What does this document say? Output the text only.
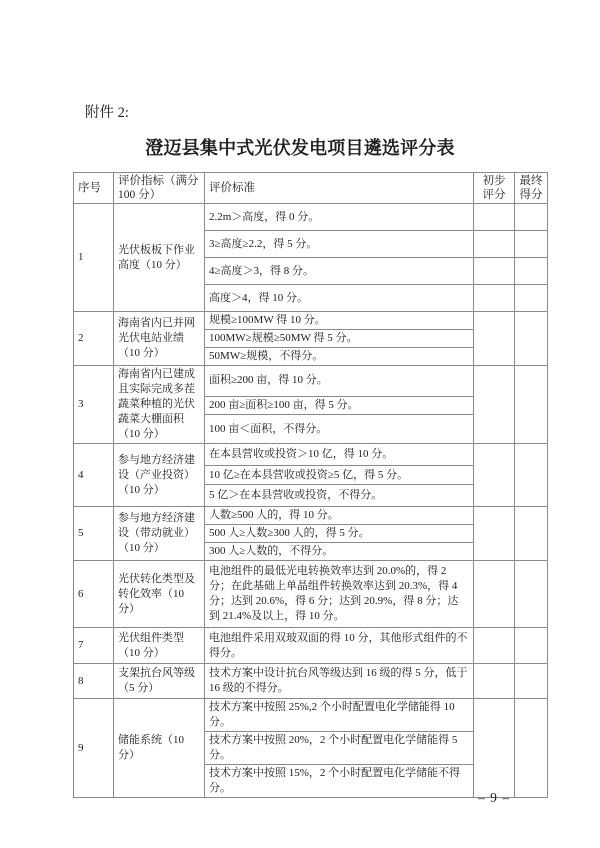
附件 2:
澄迈县集中式光伏发电项目遴选评分表
序号	评价指标（满分 100 分）	评价标准	初步评分	最终得分
1	光伏板板下作业高度（10 分）	2.2m＞高度，得 0 分。		
		3≥高度≥2.2，得 5 分。		
		4≥高度＞3，得 8 分。		
		高度＞4，得 10 分。		
2	海南省内已并网光伏电站业绩（10 分）	规模≥100MW 得 10 分。		
		100MW≥规模≥50MW 得 5 分。		
		50MW≥规模，不得分。		
3	海南省内已建成且实际完成多茬蔬菜种植的光伏蔬菜大棚面积（10 分）	面积≥200 亩，得 10 分。		
		200 亩≥面积≥100 亩，得 5 分。		
		100 亩＜面积，不得分。		
4	参与地方经济建设（产业投资）（10 分）	在本县营收或投资＞10 亿，得 10 分。		
		10 亿≥在本县营收或投资≥5 亿，得 5 分。		
		5 亿＞在本县营收或投资，不得分。		
5	参与地方经济建设（带动就业）（10 分）	人数≥500 人的，得 10 分。		
		500 人≥人数≥300 人的，得 5 分。		
		300 人≥人数的，不得分。		
6	光伏转化类型及转化效率（10 分）	电池组件的最低光电转换效率达到 20.0%的，得 2 分；在此基础上单晶组件转换效率达到 20.3%，得 4 分；达到 20.6%，得 6 分；达到 20.9%，得 8 分；达到 21.4%及以上，得 10 分。		
7	光伏组件类型（10 分）	电池组件采用双玻双面的得 10 分，其他形式组件的不得分。		
8	支架抗台风等级（5 分）	技术方案中设计抗台风等级达到 16 级的得 5 分，低于 16 级的不得分。		
9	储能系统（10 分）	技术方案中按照 25%,2 个小时配置电化学储能得 10 分。		
		技术方案中按照 20%，2 个小时配置电化学储能得 5 分。		
		技术方案中按照 15%，2 个小时配置电化学储能不得分。		
– 9 –
